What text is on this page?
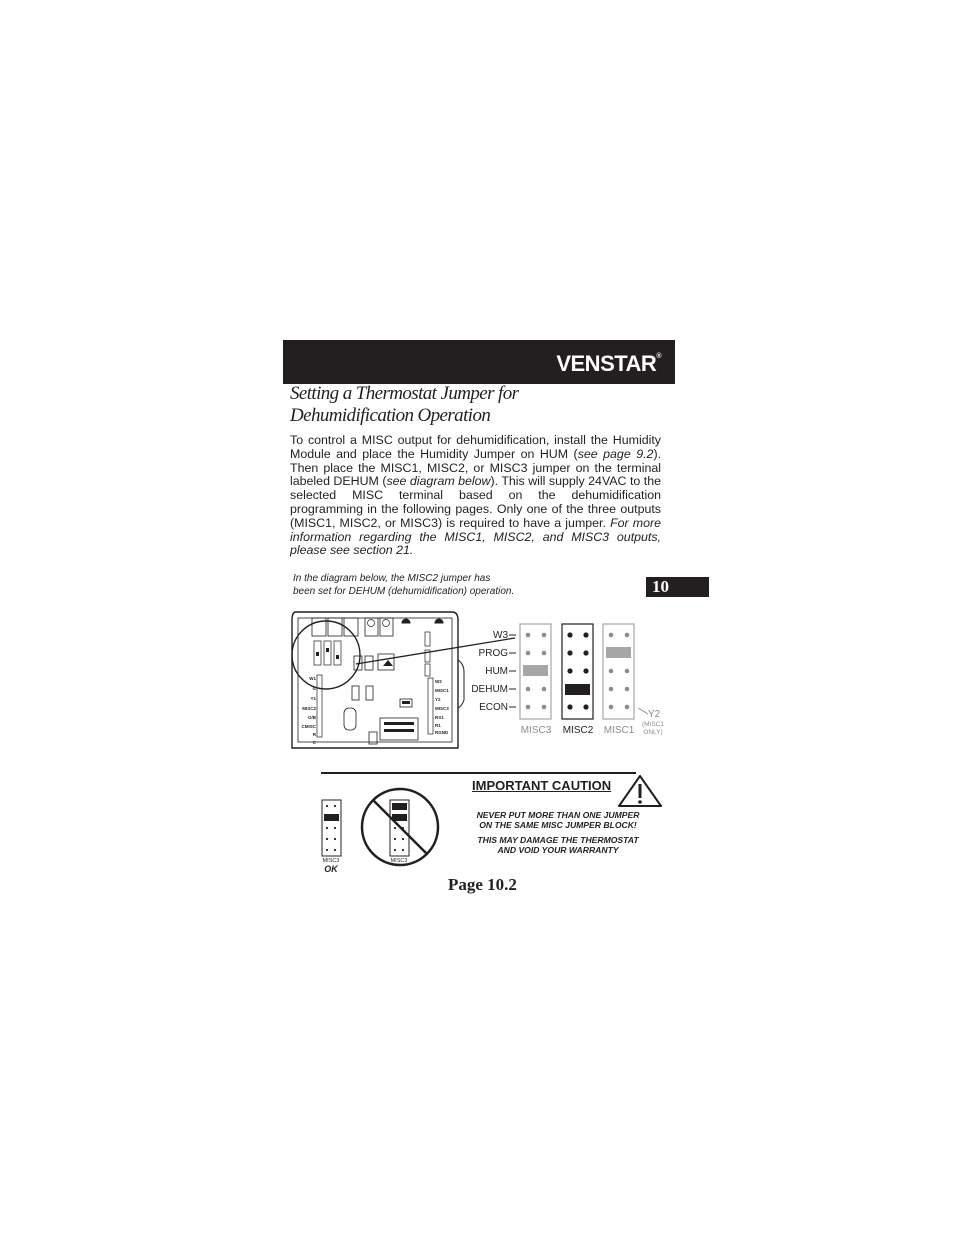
VENSTAR®
Setting a Thermostat Jumper for
Dehumidification Operation
To control a MISC output for dehumidification, install the Humidity Module and place the Humidity Jumper on HUM (see page 9.2). Then place the MISC1, MISC2, or MISC3 jumper on the terminal labeled DEHUM (see diagram below). This will supply 24VAC to the selected MISC terminal based on the dehumidification programming in the following pages. Only one of the three outputs (MISC1, MISC2, or MISC3) is required to have a jumper. For more information regarding the MISC1, MISC2, and MISC3 outputs, please see section 21.
In the diagram below, the MISC2 jumper has
been set for DEHUM (dehumidification) operation.	10
W1
G
Y1
MISC2
O/B
CMISC
R
C
W2
MISC1
Y2
MISC3
RS1
R1
RGND
W3
PROG
HUM
DEHUM
ECON
MISC3 MISC2 MISC1
Y2
(MISC1
ONLY)
MISC3
OK
MISC3
IMPORTANT CAUTION
NEVER PUT MORE THAN ONE JUMPER
ON THE SAME MISC JUMPER BLOCK!
THIS MAY DAMAGE THE THERMOSTAT
AND VOID YOUR WARRANTY
Page 10.2
